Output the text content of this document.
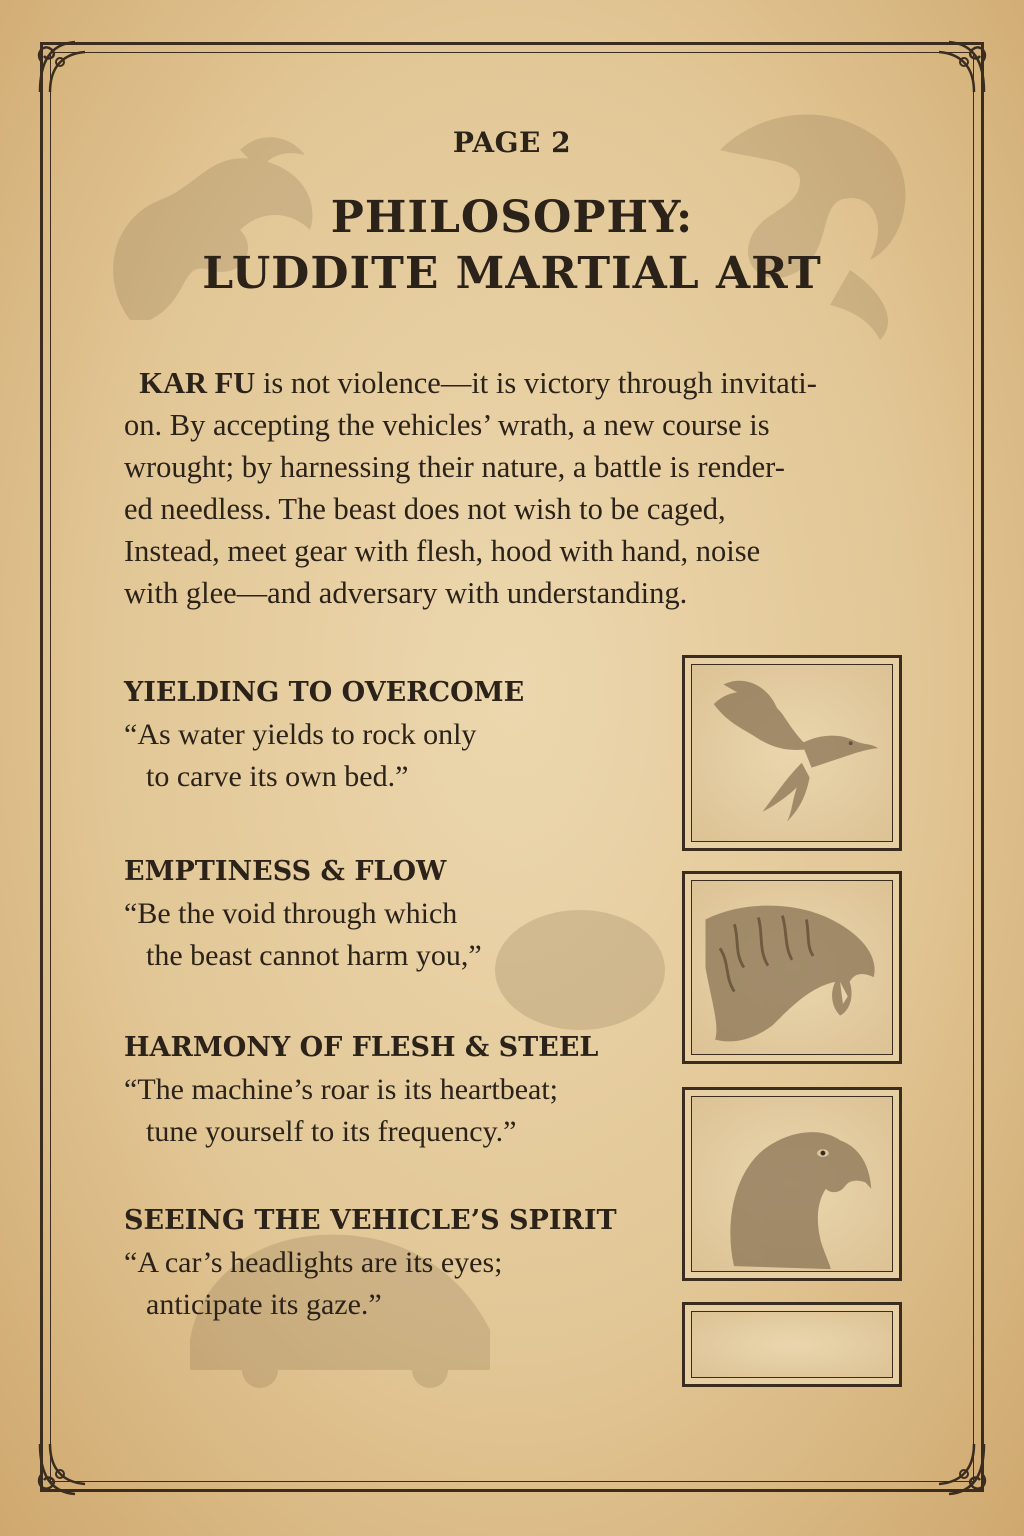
PAGE 2
PHILOSOPHY:
LUDDITE MARTIAL ART
KAR FU is not violence—it is victory through invitati-
on. By accepting the vehicles’ wrath, a new course is
wrought; by harnessing their nature, a battle is render-
ed needless. The beast does not wish to be caged,
Instead, meet gear with flesh, hood with hand, noise
with glee—and adversary with understanding.
YIELDING TO OVERCOME
“As water yields to rock only
to carve its own bed.”
EMPTINESS & FLOW
“Be the void through which
the beast cannot harm you,”
HARMONY OF FLESH & STEEL
“The machine’s roar is its heartbeat;
tune yourself to its frequency.”
SEEING THE VEHICLE’S SPIRIT
“A car’s headlights are its eyes;
anticipate its gaze.”
